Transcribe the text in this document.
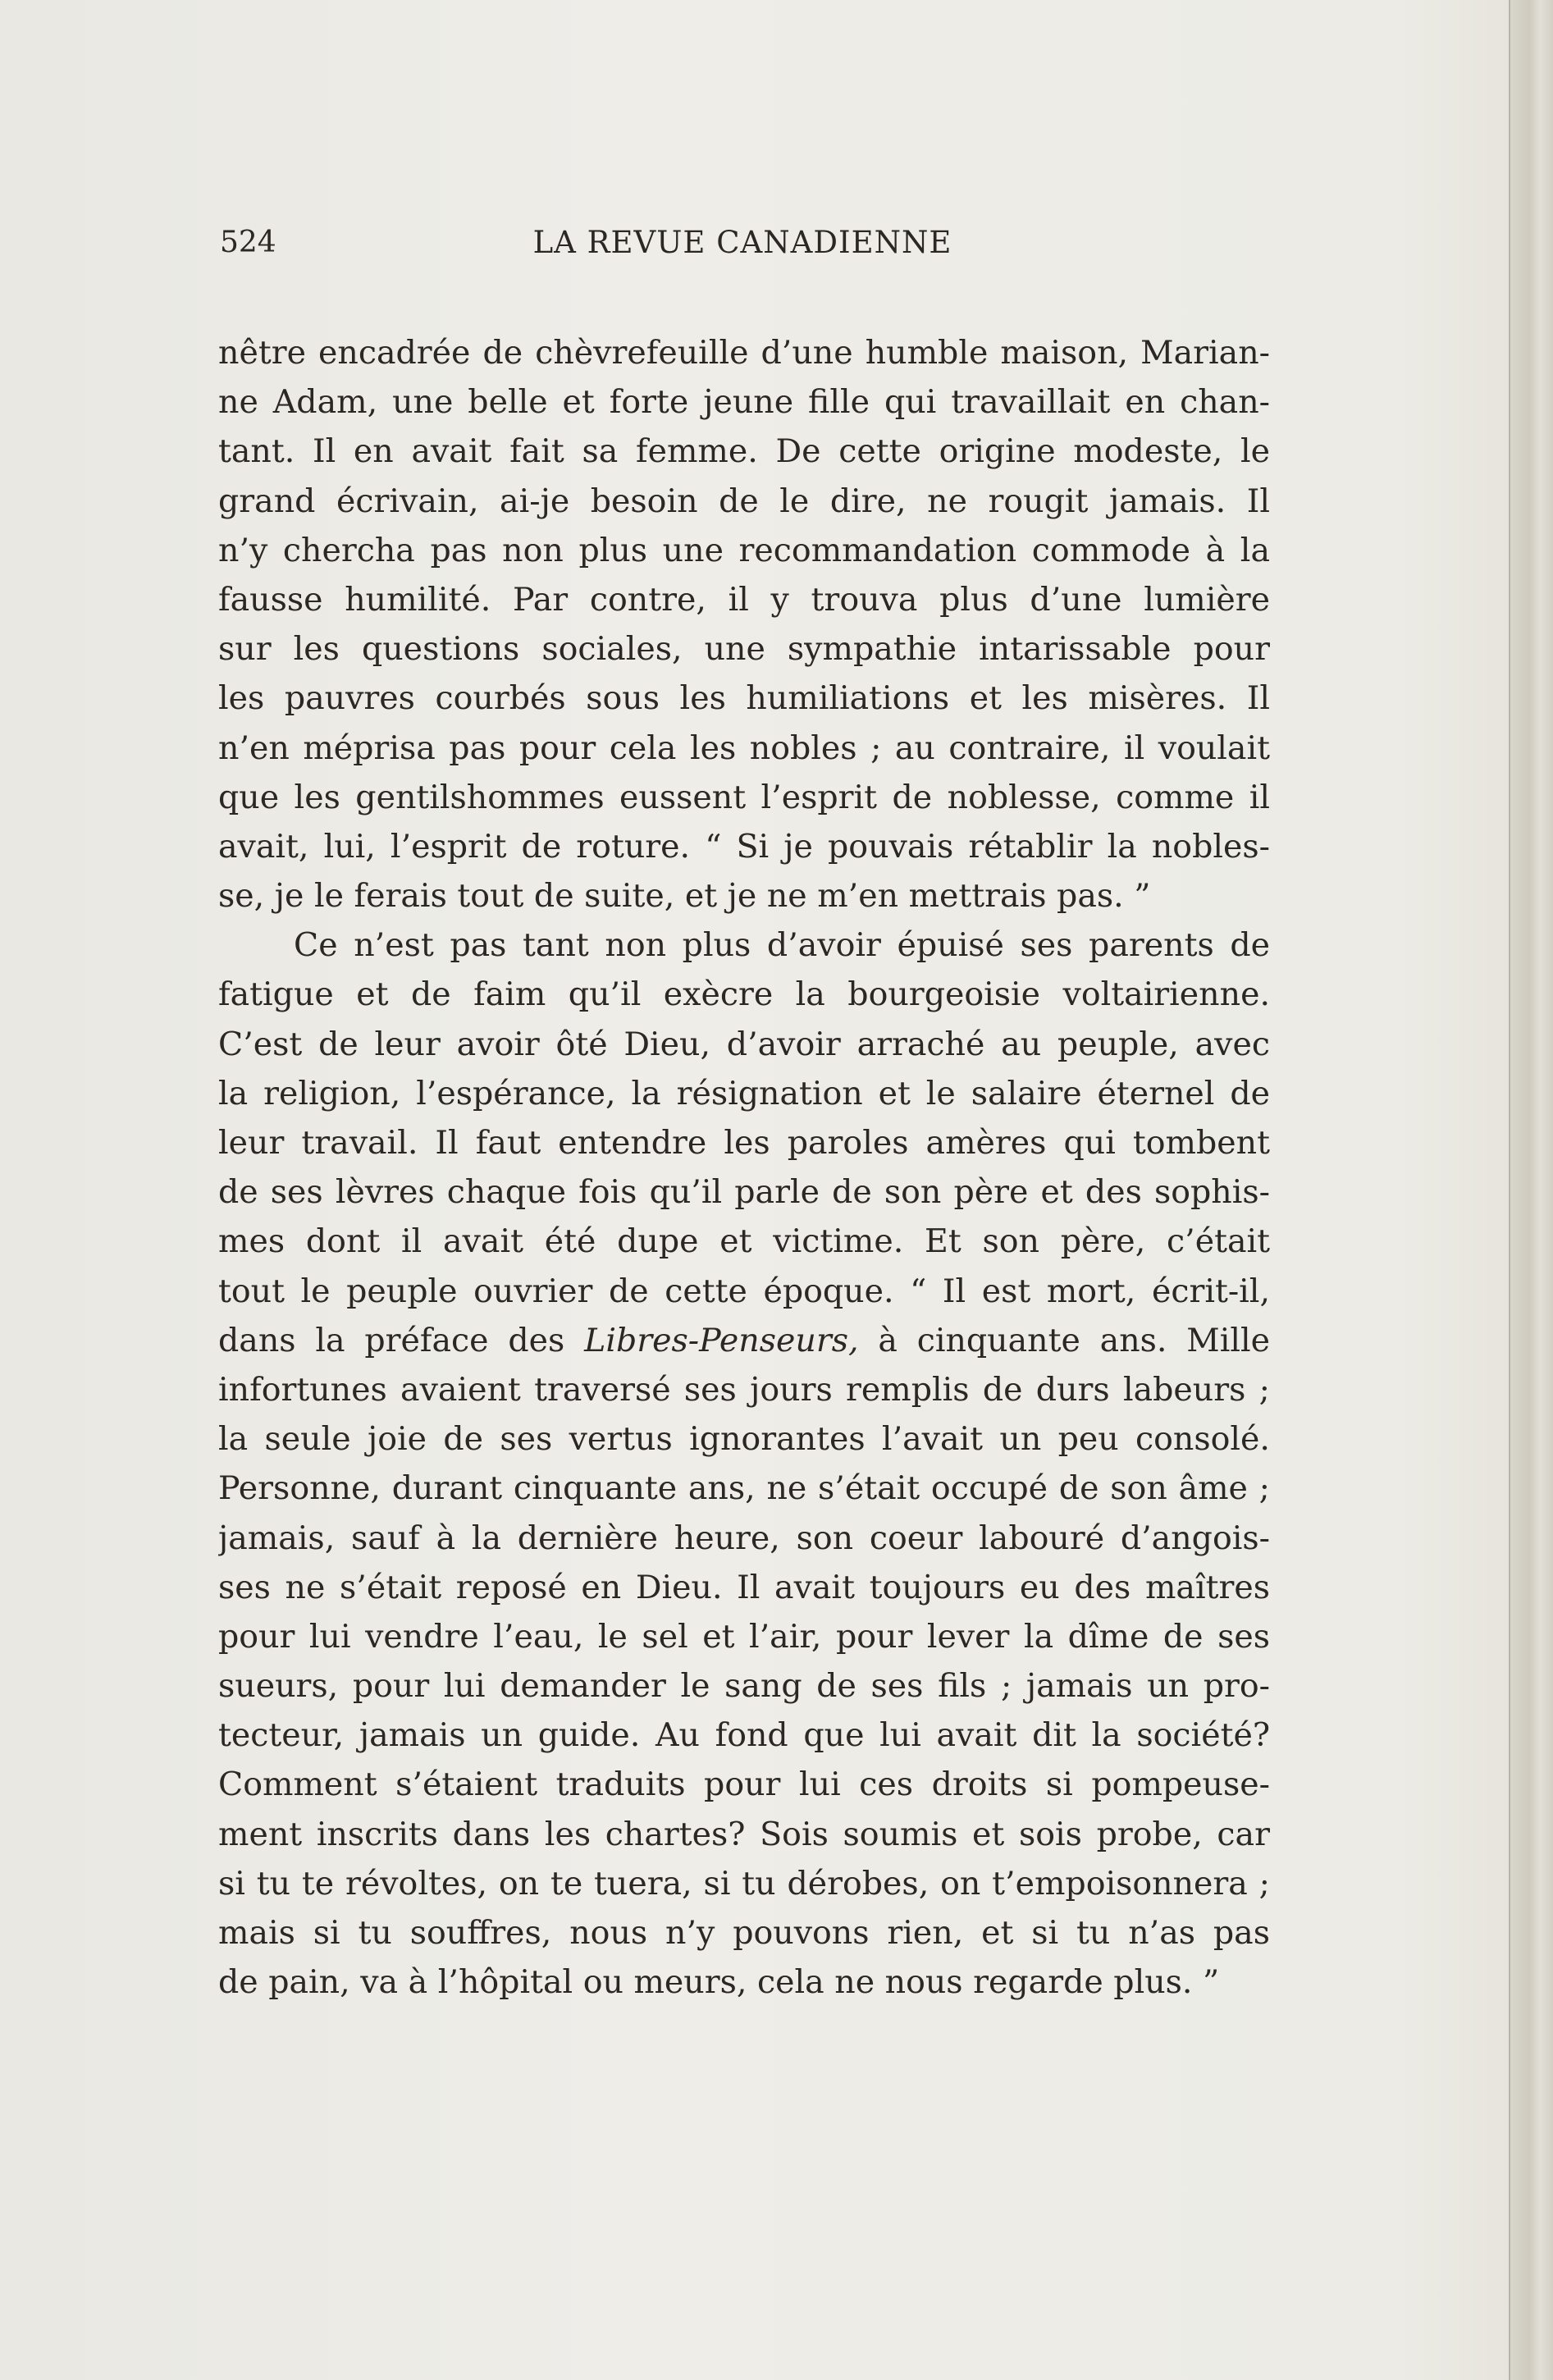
524	LA REVUE CANADIENNE
nêtre encadrée de chèvrefeuille d’une humble maison, Marian-
ne Adam, une belle et forte jeune fille qui travaillait en chan-
tant. Il en avait fait sa femme. De cette origine modeste, le
grand écrivain, ai-je besoin de le dire, ne rougit jamais. Il
n’y chercha pas non plus une recommandation commode à la
fausse humilité. Par contre, il y trouva plus d’une lumière
sur les questions sociales, une sympathie intarissable pour
les pauvres courbés sous les humiliations et les misères. Il
n’en méprisa pas pour cela les nobles ; au contraire, il voulait
que les gentilshommes eussent l’esprit de noblesse, comme il
avait, lui, l’esprit de roture. “ Si je pouvais rétablir la nobles-
se, je le ferais tout de suite, et je ne m’en mettrais pas. ”
Ce n’est pas tant non plus d’avoir épuisé ses parents de
fatigue et de faim qu’il exècre la bourgeoisie voltairienne.
C’est de leur avoir ôté Dieu, d’avoir arraché au peuple, avec
la religion, l’espérance, la résignation et le salaire éternel de
leur travail. Il faut entendre les paroles amères qui tombent
de ses lèvres chaque fois qu’il parle de son père et des sophis-
mes dont il avait été dupe et victime. Et son père, c’était
tout le peuple ouvrier de cette époque. “ Il est mort, écrit-il,
dans la préface des Libres-Penseurs, à cinquante ans. Mille
infortunes avaient traversé ses jours remplis de durs labeurs ;
la seule joie de ses vertus ignorantes l’avait un peu consolé.
Personne, durant cinquante ans, ne s’était occupé de son âme ;
jamais, sauf à la dernière heure, son coeur labouré d’angois-
ses ne s’était reposé en Dieu. Il avait toujours eu des maîtres
pour lui vendre l’eau, le sel et l’air, pour lever la dîme de ses
sueurs, pour lui demander le sang de ses fils ; jamais un pro-
tecteur, jamais un guide. Au fond que lui avait dit la société?
Comment s’étaient traduits pour lui ces droits si pompeuse-
ment inscrits dans les chartes? Sois soumis et sois probe, car
si tu te révoltes, on te tuera, si tu dérobes, on t’empoisonnera ;
mais si tu souffres, nous n’y pouvons rien, et si tu n’as pas
de pain, va à l’hôpital ou meurs, cela ne nous regarde plus. ”
